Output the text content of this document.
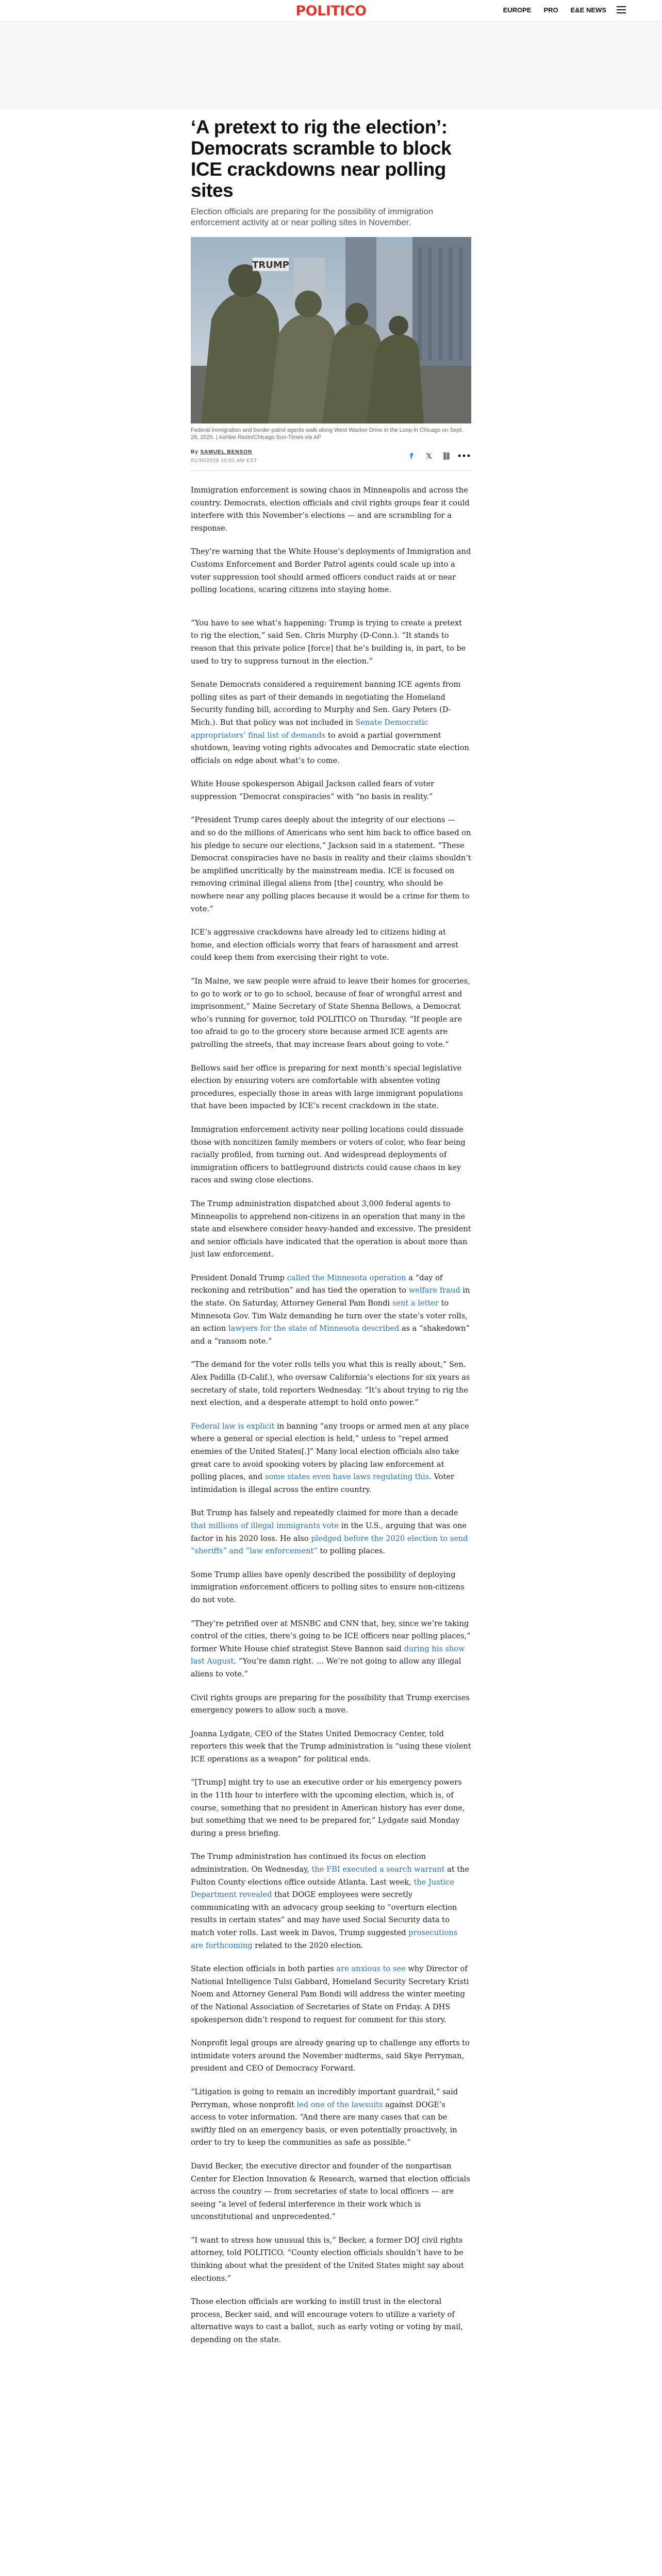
POLITICO	EUROPE PRO E&E NEWS
‘A pretext to rig the election’: Democrats scramble to block ICE crackdowns near polling sites

Election officials are preparing for the possibility of immigration enforcement activity at or near polling sites in November.

TRUMP

Federal immigration and border patrol agents walk along West Wacker Drive in the Loop in Chicago on Sept. 28, 2025. | Ashlee Rezin/Chicago Sun-Times via AP

By SAMUEL BENSON
01/30/2026 10:51 AM EST
f	𝕏	⛓ •••

Immigration enforcement is sowing chaos in Minneapolis and across the country. Democrats, election officials and civil rights groups fear it could interfere with this November’s elections — and are scrambling for a response.

They’re warning that the White House’s deployments of Immigration and Customs Enforcement and Border Patrol agents could scale up into a voter suppression tool should armed officers conduct raids at or near polling locations, scaring citizens into staying home.

“You have to see what’s happening: Trump is trying to create a pretext to rig the election,” said Sen. Chris Murphy (D-Conn.). “It stands to reason that this private police [force] that he’s building is, in part, to be used to try to suppress turnout in the election.”

Senate Democrats considered a requirement banning ICE agents from polling sites as part of their demands in negotiating the Homeland Security funding bill, according to Murphy and Sen. Gary Peters (D-Mich.). But that policy was not included in Senate Democratic appropriators’ final list of demands to avoid a partial government shutdown, leaving voting rights advocates and Democratic state election officials on edge about what’s to come.

White House spokesperson Abigail Jackson called fears of voter suppression “Democrat conspiracies” with “no basis in reality.”

“President Trump cares deeply about the integrity of our elections — and so do the millions of Americans who sent him back to office based on his pledge to secure our elections,” Jackson said in a statement. “These Democrat conspiracies have no basis in reality and their claims shouldn’t be amplified uncritically by the mainstream media. ICE is focused on removing criminal illegal aliens from [the] country, who should be nowhere near any polling places because it would be a crime for them to vote.”

ICE’s aggressive crackdowns have already led to citizens hiding at home, and election officials worry that fears of harassment and arrest could keep them from exercising their right to vote.

“In Maine, we saw people were afraid to leave their homes for groceries, to go to work or to go to school, because of fear of wrongful arrest and imprisonment,” Maine Secretary of State Shenna Bellows, a Democrat who’s running for governor, told POLITICO on Thursday. “If people are too afraid to go to the grocery store because armed ICE agents are patrolling the streets, that may increase fears about going to vote.”

Bellows said her office is preparing for next month’s special legislative election by ensuring voters are comfortable with absentee voting procedures, especially those in areas with large immigrant populations that have been impacted by ICE’s recent crackdown in the state.

Immigration enforcement activity near polling locations could dissuade those with noncitizen family members or voters of color, who fear being racially profiled, from turning out. And widespread deployments of immigration officers to battleground districts could cause chaos in key races and swing close elections.

The Trump administration dispatched about 3,000 federal agents to Minneapolis to apprehend non-citizens in an operation that many in the state and elsewhere consider heavy-handed and excessive. The president and senior officials have indicated that the operation is about more than just law enforcement.

President Donald Trump called the Minnesota operation a “day of reckoning and retribution” and has tied the operation to welfare fraud in the state. On Saturday, Attorney General Pam Bondi sent a letter to Minnesota Gov. Tim Walz demanding he turn over the state’s voter rolls, an action lawyers for the state of Minnesota described as a “shakedown” and a “ransom note.”

“The demand for the voter rolls tells you what this is really about,” Sen. Alex Padilla (D-Calif.), who oversaw California’s elections for six years as secretary of state, told reporters Wednesday. “It’s about trying to rig the next election, and a desperate attempt to hold onto power.”

Federal law is explicit in banning “any troops or armed men at any place where a general or special election is held,” unless to “repel armed enemies of the United States[.]” Many local election officials also take great care to avoid spooking voters by placing law enforcement at polling places, and some states even have laws regulating this. Voter intimidation is illegal across the entire country.

But Trump has falsely and repeatedly claimed for more than a decade that millions of illegal immigrants vote in the U.S., arguing that was one factor in his 2020 loss. He also pledged before the 2020 election to send “sheriffs” and “law enforcement” to polling places.

Some Trump allies have openly described the possibility of deploying immigration enforcement officers to polling sites to ensure non-citizens do not vote.

“They’re petrified over at MSNBC and CNN that, hey, since we’re taking control of the cities, there’s going to be ICE officers near polling places,” former White House chief strategist Steve Bannon said during his show last August. “You’re damn right. … We’re not going to allow any illegal aliens to vote.”

Civil rights groups are preparing for the possibility that Trump exercises emergency powers to allow such a move.

Joanna Lydgate, CEO of the States United Democracy Center, told reporters this week that the Trump administration is “using these violent ICE operations as a weapon” for political ends.

“[Trump] might try to use an executive order or his emergency powers in the 11th hour to interfere with the upcoming election, which is, of course, something that no president in American history has ever done, but something that we need to be prepared for,” Lydgate said Monday during a press briefing.

The Trump administration has continued its focus on election administration. On Wednesday, the FBI executed a search warrant at the Fulton County elections office outside Atlanta. Last week, the Justice Department revealed that DOGE employees were secretly communicating with an advocacy group seeking to “overturn election results in certain states” and may have used Social Security data to match voter rolls. Last week in Davos, Trump suggested prosecutions are forthcoming related to the 2020 election.

State election officials in both parties are anxious to see why Director of National Intelligence Tulsi Gabbard, Homeland Security Secretary Kristi Noem and Attorney General Pam Bondi will address the winter meeting of the National Association of Secretaries of State on Friday. A DHS spokesperson didn’t respond to request for comment for this story.

Nonprofit legal groups are already gearing up to challenge any efforts to intimidate voters around the November midterms, said Skye Perryman, president and CEO of Democracy Forward.

“Litigation is going to remain an incredibly important guardrail,” said Perryman, whose nonprofit led one of the lawsuits against DOGE’s access to voter information. “And there are many cases that can be swiftly filed on an emergency basis, or even potentially proactively, in order to try to keep the communities as safe as possible.”

David Becker, the executive director and founder of the nonpartisan Center for Election Innovation & Research, warned that election officials across the country — from secretaries of state to local officers — are seeing “a level of federal interference in their work which is unconstitutional and unprecedented.”

“I want to stress how unusual this is,” Becker, a former DOJ civil rights attorney, told POLITICO. “County election officials shouldn’t have to be thinking about what the president of the United States might say about elections.”

Those election officials are working to instill trust in the electoral process, Becker said, and will encourage voters to utilize a variety of alternative ways to cast a ballot, such as early voting or voting by mail, depending on the state.
